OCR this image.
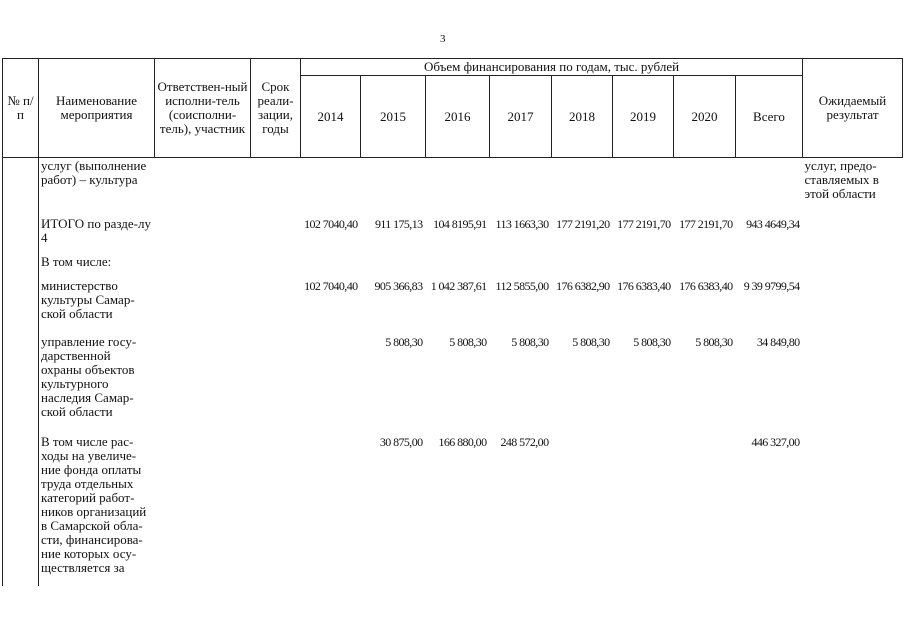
3
№ п/п	Наименование мероприятия	Ответствен-ный исполни-тель (соисполни-тель), участник	Срок реали-зации, годы	Объем финансирования по годам, тыс. рублей								Ожидаемый результат
				2014	2015	2016	2017	2018	2019	2020	Всего	
	услуг (выполнение работ) – культура											услуг, предо-ставляемых в этой области
	ИТОГО по разде-лу 4			102 7040,40	911 175,13	104 8195,91	113 1663,30	177 2191,20	177 2191,70	177 2191,70	943 4649,34	
	В том числе:											
	министерство культуры Самар-ской области			102 7040,40	905 366,83	1 042 387,61	112 5855,00	176 6382,90	176 6383,40	176 6383,40	9 39 9799,54	
	управление госу-дарственной охраны объектов культурного наследия Самар-ской области				5 808,30	5 808,30	5 808,30	5 808,30	5 808,30	5 808,30	34 849,80	
	В том числе рас-ходы на увеличе-ние фонда оплаты труда отдельных категорий работ-ников организаций в Самарской обла-сти, финансирова-ние которых осу-ществляется за				30 875,00	166 880,00	248 572,00				446 327,00	
